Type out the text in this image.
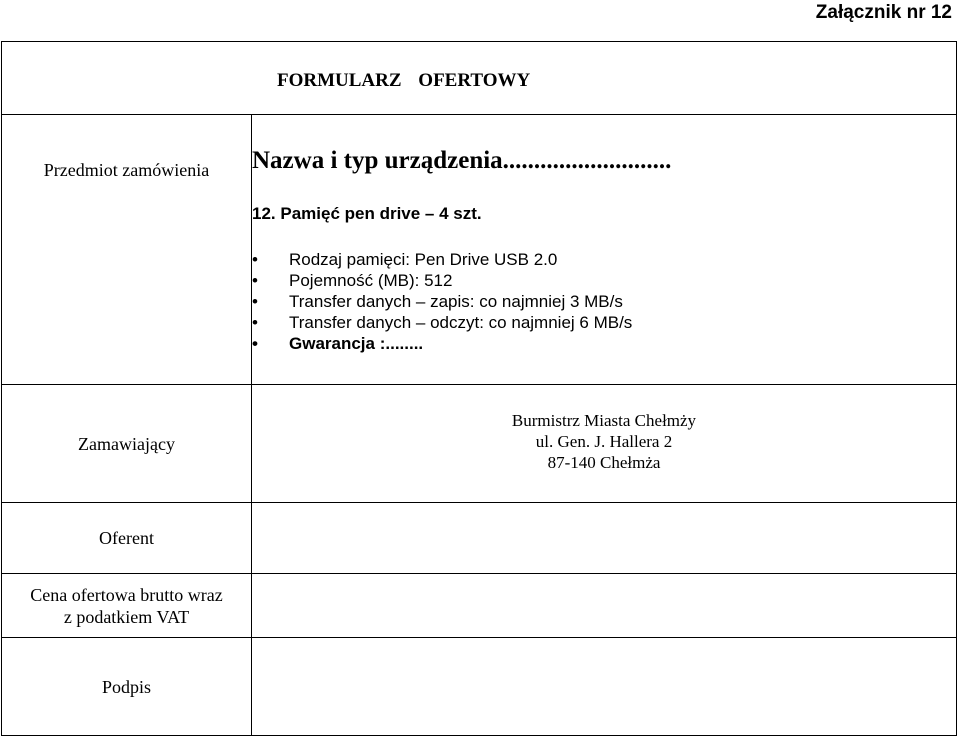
Załącznik nr 12
FORMULARZ OFERTOWY
Przedmiot zamówienia	Nazwa i typ urządzenia...........................
12. Pamięć pen drive – 4 szt.
• Rodzaj pamięci: Pen Drive USB 2.0
• Pojemność (MB): 512
• Transfer danych – zapis: co najmniej 3 MB/s
• Transfer danych – odczyt: co najmniej 6 MB/s
• Gwarancja :........
Zamawiający
Burmistrz Miasta Chełmży
ul. Gen. J. Hallera 2
87-140 Chełmża
Oferent
Cena ofertowa brutto wraz
z podatkiem VAT
Podpis
